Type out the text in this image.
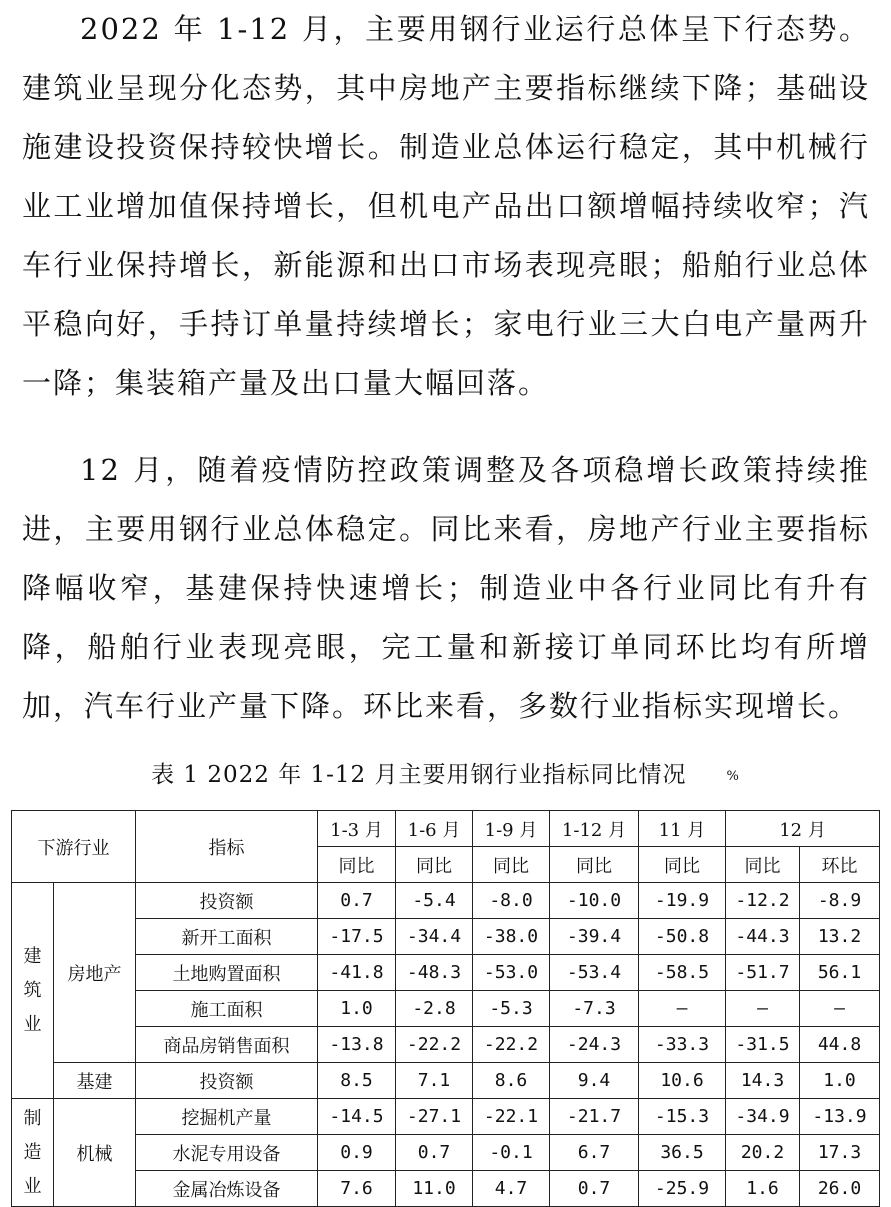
2022 年 1-12 月，主要用钢行业运行总体呈下行态势。建筑业呈现分化态势，其中房地产主要指标继续下降；基础设施建设投资保持较快增长。制造业总体运行稳定，其中机械行业工业增加值保持增长，但机电产品出口额增幅持续收窄；汽车行业保持增长，新能源和出口市场表现亮眼；船舶行业总体平稳向好，手持订单量持续增长；家电行业三大白电产量两升一降；集装箱产量及出口量大幅回落。

12 月，随着疫情防控政策调整及各项稳增长政策持续推进，主要用钢行业总体稳定。同比来看，房地产行业主要指标降幅收窄，基建保持快速增长；制造业中各行业同比有升有降，船舶行业表现亮眼，完工量和新接订单同环比均有所增加，汽车行业产量下降。环比来看，多数行业指标实现增长。

表 1 2022 年 1-12 月主要用钢行业指标同比情况	%
下游行业		指标	1-3 月	1-6 月	1-9 月	1-12 月	11 月	12 月	
			同比	同比	同比	同比	同比	同比	环比

建筑业	房地产	投资额	0.7	-5.4	-8.0	-10.0	-19.9	-12.2	-8.9
		新开工面积	-17.5	-34.4	-38.0	-39.4	-50.8	-44.3	13.2
		土地购置面积	-41.8	-48.3	-53.0	-53.4	-58.5	-51.7	56.1
		施工面积	1.0	-2.8	-5.3	-7.3	—	—	—
		商品房销售面积	-13.8	-22.2	-22.2	-24.3	-33.3	-31.5	44.8
	基建	投资额	8.5	7.1	8.6	9.4	10.6	14.3	1.0

制造业	机械	挖掘机产量	-14.5	-27.1	-22.1	-21.7	-15.3	-34.9	-13.9
		水泥专用设备	0.9	0.7	-0.1	6.7	36.5	20.2	17.3
		金属冶炼设备	7.6	11.0	4.7	0.7	-25.9	1.6	26.0
